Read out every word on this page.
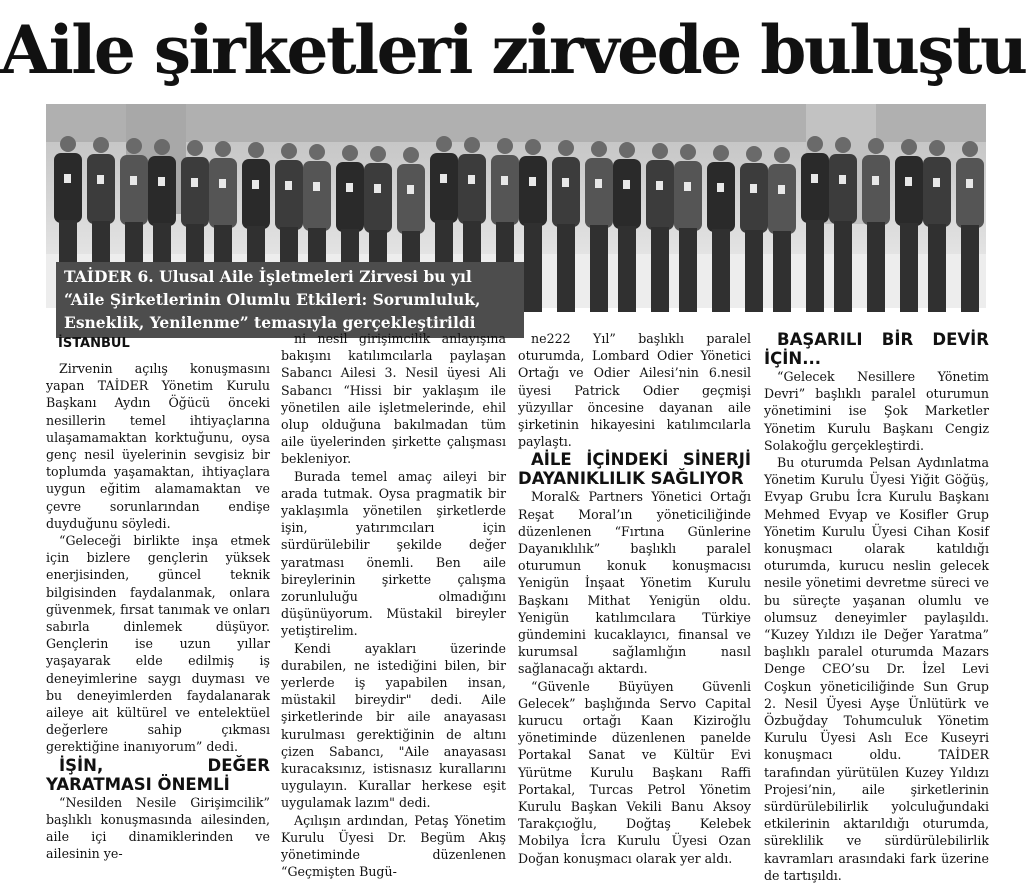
Aile şirketleri zirvede buluştu
TAİDER 6. Ulusal Aile İşletmeleri Zirvesi bu yıl
“Aile Şirketlerinin Olumlu Etkileri: Sorumluluk,
Esneklik, Yenilenme” temasıyla gerçekleştirildi
İSTANBUL

Zirvenin açılış konuşmasını yapan TAİDER Yönetim Kurulu Başkanı Aydın Öğücü önceki nesillerin temel ihtiyaçlarına ulaşamamaktan korktuğunu, oysa genç nesil üyelerinin sevgisiz bir toplumda yaşamaktan, ihtiyaçlara uygun eğitim alamamaktan ve çevre sorunlarından endişe duyduğunu söyledi.

“Geleceği birlikte inşa etmek için bizlere gençlerin yüksek enerjisinden, güncel teknik bilgisinden faydalanmak, onlara güvenmek, fırsat tanımak ve onları sabırla dinlemek düşüyor. Gençlerin ise uzun yıllar yaşayarak elde edilmiş iş deneyimlerine saygı duyması ve bu deneyimlerden faydalanarak aileye ait kültürel ve entelektüel değerlere sahip çıkması gerektiğine inanıyorum” dedi.

İŞİN, DEĞER YARATMASI ÖNEMLİ

“Nesilden Nesile Girişimcilik” başlıklı konuşmasında ailesinden, aile içi dinamiklerinden ve ailesinin ye-

ni nesil girişimcilik anlayışına bakışını katılımcılarla paylaşan Sabancı Ailesi 3. Nesil üyesi Ali Sabancı “Hissi bir yaklaşım ile yönetilen aile işletmelerinde, ehil olup olduğuna bakılmadan tüm aile üyelerinden şirkette çalışması bekleniyor.

Burada temel amaç aileyi bir arada tutmak. Oysa pragmatik bir yaklaşımla yönetilen şirketlerde işin, yatırımcıları için sürdürülebilir şekilde değer yaratması önemli. Ben aile bireylerinin şirkette çalışma zorunluluğu olmadığını düşünüyorum. Müstakil bireyler yetiştirelim.

Kendi ayakları üzerinde durabilen, ne istediğini bilen, bir yerlerde iş yapabilen insan, müstakil bireydir" dedi. Aile şirketlerinde bir aile anayasası kurulması gerektiğinin de altını çizen Sabancı, "Aile anayasası kuracaksınız, istisnasız kurallarını uygulayın. Kurallar herkese eşit uygulamak lazım" dedi.

Açılışın ardından, Petaş Yönetim Kurulu Üyesi Dr. Begüm Akış yönetiminde düzenlenen “Geçmişten Bugü-

ne222 Yıl” başlıklı paralel oturumda, Lombard Odier Yönetici Ortağı ve Odier Ailesi’nin 6.nesil üyesi Patrick Odier geçmişi yüzyıllar öncesine dayanan aile şirketinin hikayesini katılımcılarla paylaştı.

AİLE İÇİNDEKİ SİNERJİ DAYANIKLILIK SAĞLIYOR

Moral& Partners Yönetici Ortağı Reşat Moral’ın yöneticiliğinde düzenlenen “Fırtına Günlerine Dayanıklılık” başlıklı paralel oturumun konuk konuşmacısı Yenigün İnşaat Yönetim Kurulu Başkanı Mithat Yenigün oldu. Yenigün katılımcılara Türkiye gündemini kucaklayıcı, finansal ve kurumsal sağlamlığın nasıl sağlanacağı aktardı.

“Güvenle Büyüyen Güvenli Gelecek” başlığında Servo Capital kurucu ortağı Kaan Kiziroğlu yönetiminde düzenlenen panelde Portakal Sanat ve Kültür Evi Yürütme Kurulu Başkanı Raffi Portakal, Turcas Petrol Yönetim Kurulu Başkan Vekili Banu Aksoy Tarakçıoğlu, Doğtaş Kelebek Mobilya İcra Kurulu Üyesi Ozan Doğan konuşmacı olarak yer aldı.

BAŞARILI BİR DEVİR İÇİN...

“Gelecek Nesillere Yönetim Devri” başlıklı paralel oturumun yönetimini ise Şok Marketler Yönetim Kurulu Başkanı Cengiz Solakoğlu gerçekleştirdi.

Bu oturumda Pelsan Aydınlatma Yönetim Kurulu Üyesi Yiğit Göğüş, Evyap Grubu İcra Kurulu Başkanı Mehmed Evyap ve Kosifler Grup Yönetim Kurulu Üyesi Cihan Kosif konuşmacı olarak katıldığı oturumda, kurucu neslin gelecek nesile yönetimi devretme süreci ve bu süreçte yaşanan olumlu ve olumsuz deneyimler paylaşıldı. “Kuzey Yıldızı ile Değer Yaratma” başlıklı paralel oturumda Mazars Denge CEO’su Dr. İzel Levi Coşkun yöneticiliğinde Sun Grup 2. Nesil Üyesi Ayşe Ünlütürk ve Özbuğday Tohumculuk Yönetim Kurulu Üyesi Aslı Ece Kuseyri konuşmacı oldu. TAİDER tarafından yürütülen Kuzey Yıldızı Projesi’nin, aile şirketlerinin sürdürülebilirlik yolculuğundaki etkilerinin aktarıldığı oturumda, süreklilik ve sürdürülebilirlik kavramları arasındaki fark üzerine de tartışıldı.
